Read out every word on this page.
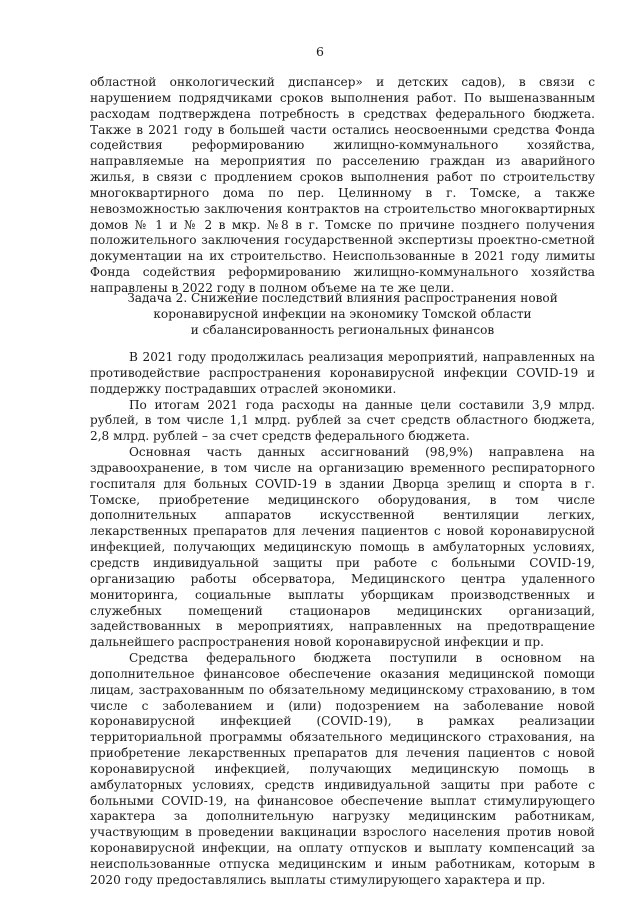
6

областной онкологический диспансер» и детских садов), в связи с нарушением подрядчиками сроков выполнения работ. По вышеназванным расходам подтверждена потребность в средствах федерального бюджета. Также в 2021 году в большей части остались неосвоенными средства Фонда содействия реформированию жилищно-коммунального хозяйства, направляемые на мероприятия по расселению граждан из аварийного жилья, в связи с продлением сроков выполнения работ по строительству многоквартирного дома по пер. Целинному в г. Томске, а также невозможностью заключения контрактов на строительство многоквартирных домов № 1 и № 2 в мкр. №8 в г. Томске по причине позднего получения положительного заключения государственной экспертизы проектно-сметной документации на их строительство. Неиспользованные в 2021 году лимиты Фонда содействия реформированию жилищно-коммунального хозяйства направлены в 2022 году в полном объеме на те же цели.

Задача 2. Снижение последствий влияния распространения новой
коронавирусной инфекции на экономику Томской области
и сбалансированность региональных финансов

В 2021 году продолжилась реализация мероприятий, направленных на противодействие распространения коронавирусной инфекции COVID-19 и поддержку пострадавших отраслей экономики.

По итогам 2021 года расходы на данные цели составили 3,9 млрд. рублей, в том числе 1,1 млрд. рублей за счет средств областного бюджета, 2,8 млрд. рублей – за счет средств федерального бюджета.

Основная часть данных ассигнований (98,9%) направлена на здравоохранение, в том числе на организацию временного респираторного госпиталя для больных COVID-19 в здании Дворца зрелищ и спорта в г. Томске, приобретение медицинского оборудования, в том числе дополнительных аппаратов искусственной вентиляции легких, лекарственных препаратов для лечения пациентов с новой коронавирусной инфекцией, получающих медицинскую помощь в амбулаторных условиях, средств индивидуальной защиты при работе с больными COVID-19, организацию работы обсерватора, Медицинского центра удаленного мониторинга, социальные выплаты уборщикам производственных и служебных помещений стационаров медицинских организаций, задействованных в мероприятиях, направленных на предотвращение дальнейшего распространения новой коронавирусной инфекции и пр.

Средства федерального бюджета поступили в основном на дополнительное финансовое обеспечение оказания медицинской помощи лицам, застрахованным по обязательному медицинскому страхованию, в том числе с заболеванием и (или) подозрением на заболевание новой коронавирусной инфекцией (COVID-19), в рамках реализации территориальной программы обязательного медицинского страхования, на приобретение лекарственных препаратов для лечения пациентов с новой коронавирусной инфекцией, получающих медицинскую помощь в амбулаторных условиях, средств индивидуальной защиты при работе с больными COVID-19, на финансовое обеспечение выплат стимулирующего характера за дополнительную нагрузку медицинским работникам, участвующим в проведении вакцинации взрослого населения против новой коронавирусной инфекции, на оплату отпусков и выплату компенсаций за неиспользованные отпуска медицинским и иным работникам, которым в 2020 году предоставлялись выплаты стимулирующего характера и пр.
